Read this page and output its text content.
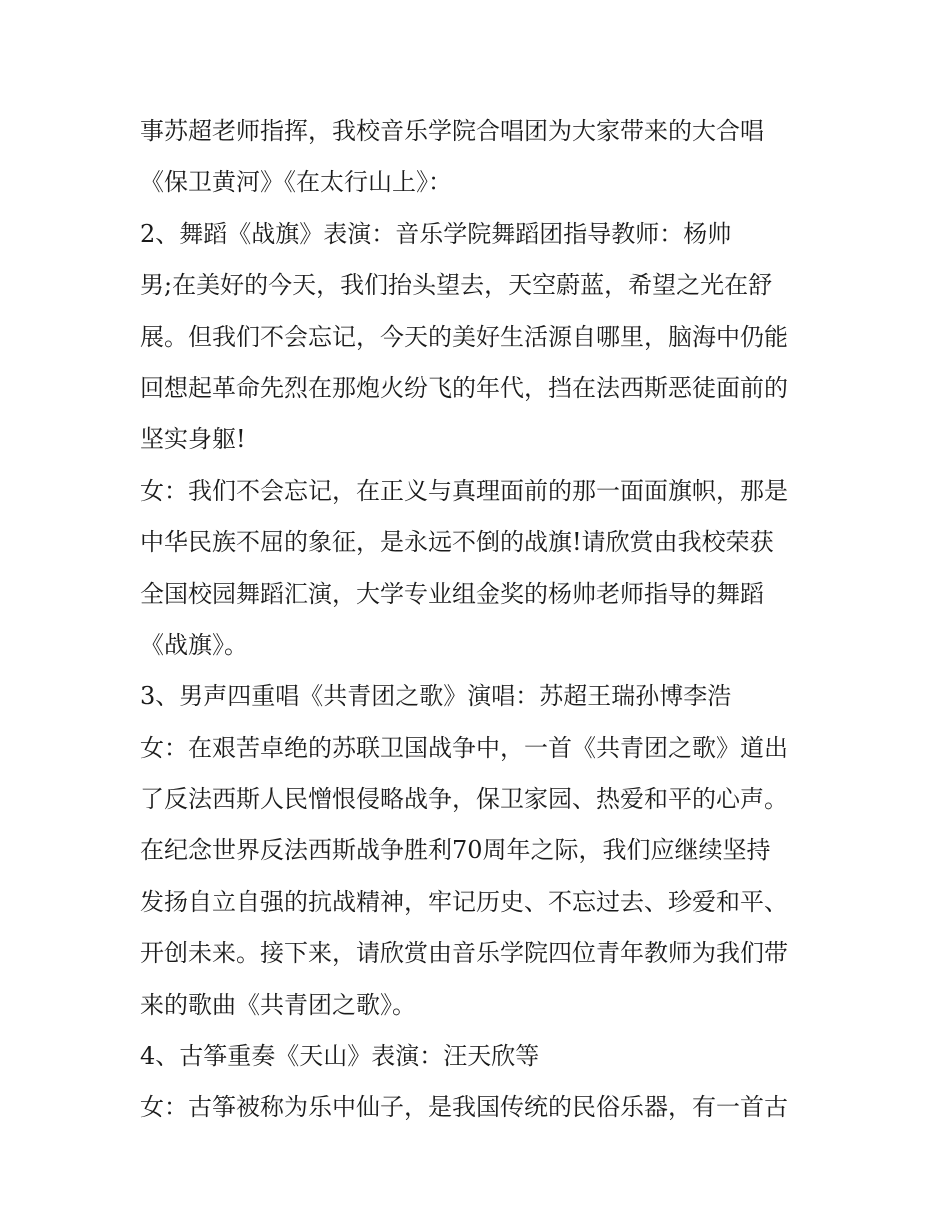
事苏超老师指挥，我校音乐学院合唱团为大家带来的大合唱
《保卫黄河》《在太行山上》：
2、舞蹈《战旗》表演：音乐学院舞蹈团指导教师：杨帅
男;在美好的今天，我们抬头望去，天空蔚蓝，希望之光在舒
展。但我们不会忘记，今天的美好生活源自哪里，脑海中仍能
回想起革命先烈在那炮火纷飞的年代，挡在法西斯恶徒面前的
坚实身躯!
女：我们不会忘记，在正义与真理面前的那一面面旗帜，那是
中华民族不屈的象征，是永远不倒的战旗!请欣赏由我校荣获
全国校园舞蹈汇演，大学专业组金奖的杨帅老师指导的舞蹈
《战旗》。
3、男声四重唱《共青团之歌》演唱：苏超王瑞孙博李浩
女：在艰苦卓绝的苏联卫国战争中，一首《共青团之歌》道出
了反法西斯人民憎恨侵略战争，保卫家园、热爱和平的心声。
在纪念世界反法西斯战争胜利70周年之际，我们应继续坚持
发扬自立自强的抗战精神，牢记历史、不忘过去、珍爱和平、
开创未来。接下来，请欣赏由音乐学院四位青年教师为我们带
来的歌曲《共青团之歌》。
4、古筝重奏《天山》表演：汪天欣等
女：古筝被称为乐中仙子，是我国传统的民俗乐器，有一首古
